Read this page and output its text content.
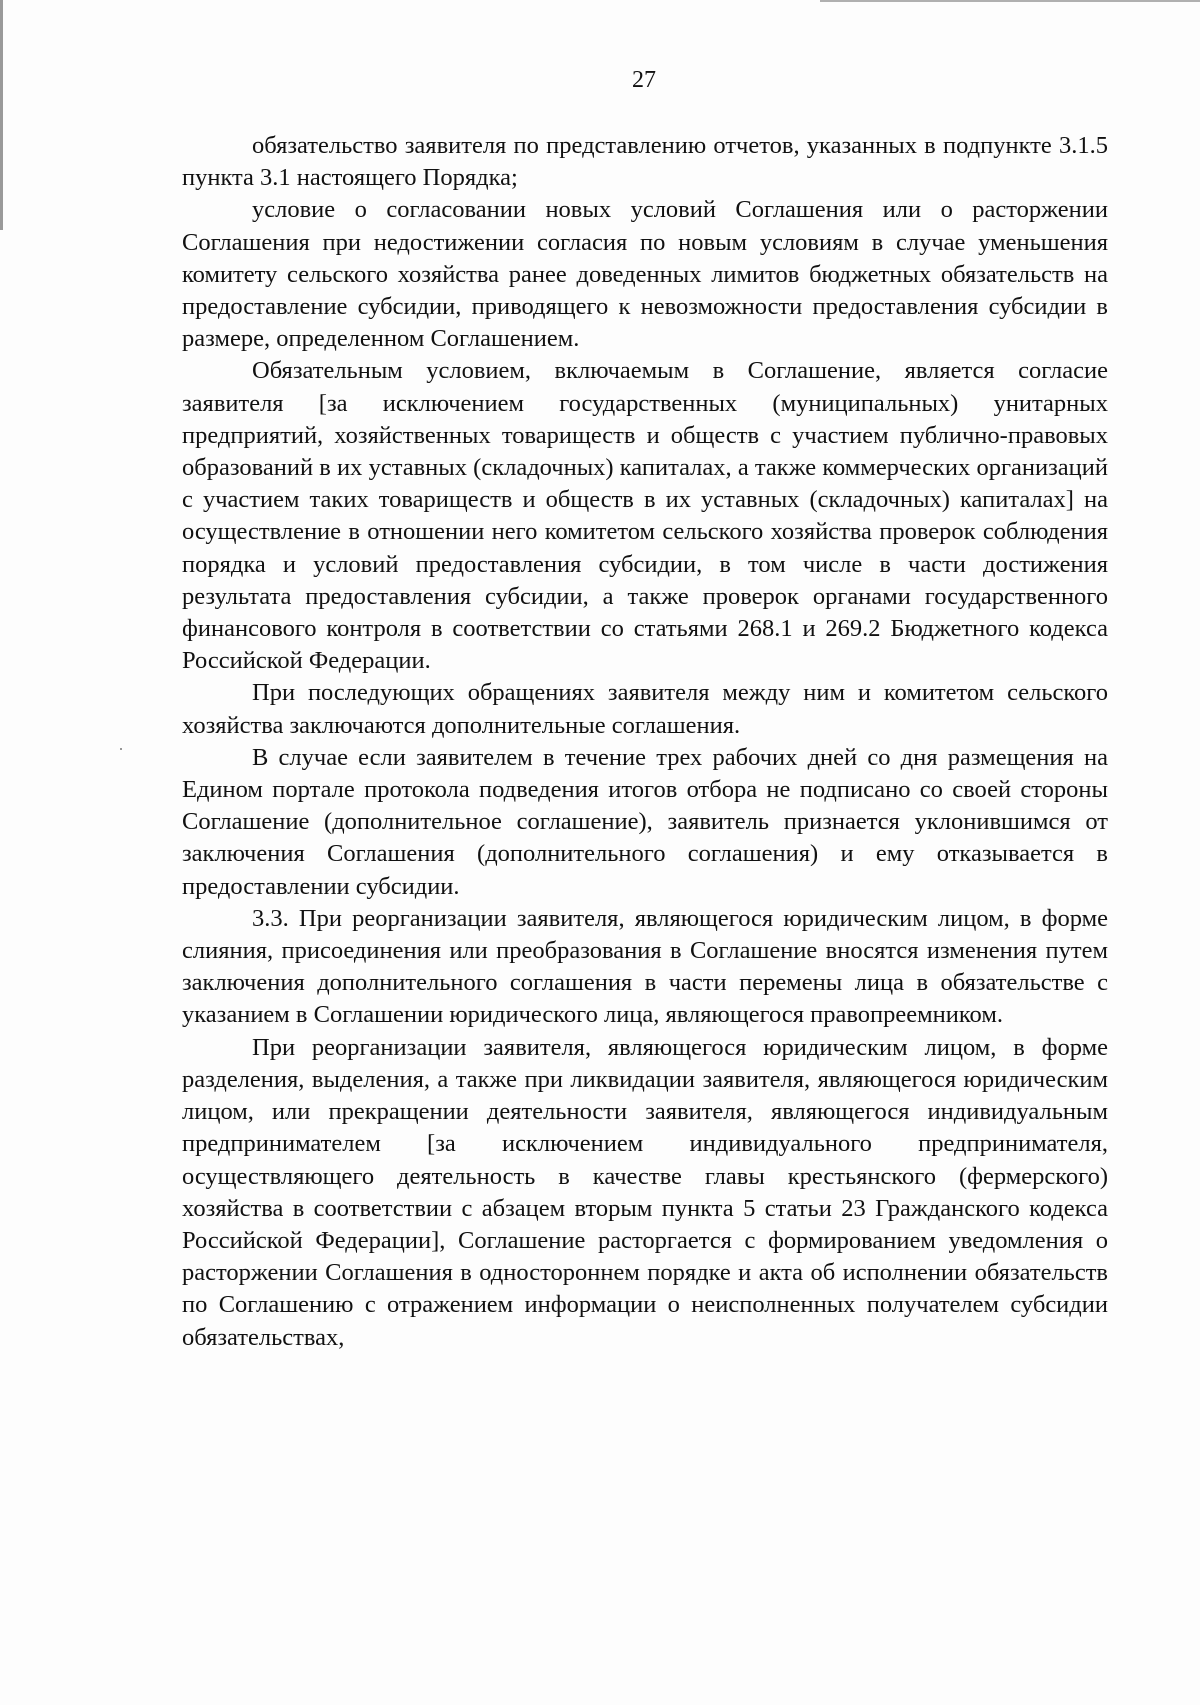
27

обязательство заявителя по представлению отчетов, указанных в подпункте 3.1.5 пункта 3.1 настоящего Порядка;

условие о согласовании новых условий Соглашения или о расторжении Соглашения при недостижении согласия по новым условиям в случае уменьшения комитету сельского хозяйства ранее доведенных лимитов бюджетных обязательств на предоставление субсидии, приводящего к невозможности предоставления субсидии в размере, определенном Соглашением.

Обязательным условием, включаемым в Соглашение, является согласие заявителя [за исключением государственных (муниципальных) унитарных предприятий, хозяйственных товариществ и обществ с участием публично-правовых образований в их уставных (складочных) капиталах, а также коммерческих организаций с участием таких товариществ и обществ в их уставных (складочных) капиталах] на осуществление в отношении него комитетом сельского хозяйства проверок соблюдения порядка и условий предоставления субсидии, в том числе в части достижения результата предоставления субсидии, а также проверок органами государственного финансового контроля в соответствии со статьями 268.1 и 269.2 Бюджетного кодекса Российской Федерации.

При последующих обращениях заявителя между ним и комитетом сельского хозяйства заключаются дополнительные соглашения.

В случае если заявителем в течение трех рабочих дней со дня размещения на Едином портале протокола подведения итогов отбора не подписано со своей стороны Соглашение (дополнительное соглашение), заявитель признается уклонившимся от заключения Соглашения (дополнительного соглашения) и ему отказывается в предоставлении субсидии.

3.3. При реорганизации заявителя, являющегося юридическим лицом, в форме слияния, присоединения или преобразования в Соглашение вносятся изменения путем заключения дополнительного соглашения в части перемены лица в обязательстве с указанием в Соглашении юридического лица, являющегося правопреемником.

При реорганизации заявителя, являющегося юридическим лицом, в форме разделения, выделения, а также при ликвидации заявителя, являющегося юридическим лицом, или прекращении деятельности заявителя, являющегося индивидуальным предпринимателем [за исключением индивидуального предпринимателя, осуществляющего деятельность в качестве главы крестьянского (фермерского) хозяйства в соответствии с абзацем вторым пункта 5 статьи 23 Гражданского кодекса Российской Федерации], Соглашение расторгается с формированием уведомления о расторжении Соглашения в одностороннем порядке и акта об исполнении обязательств по Соглашению с отражением информации о неисполненных получателем субсидии обязательствах,
